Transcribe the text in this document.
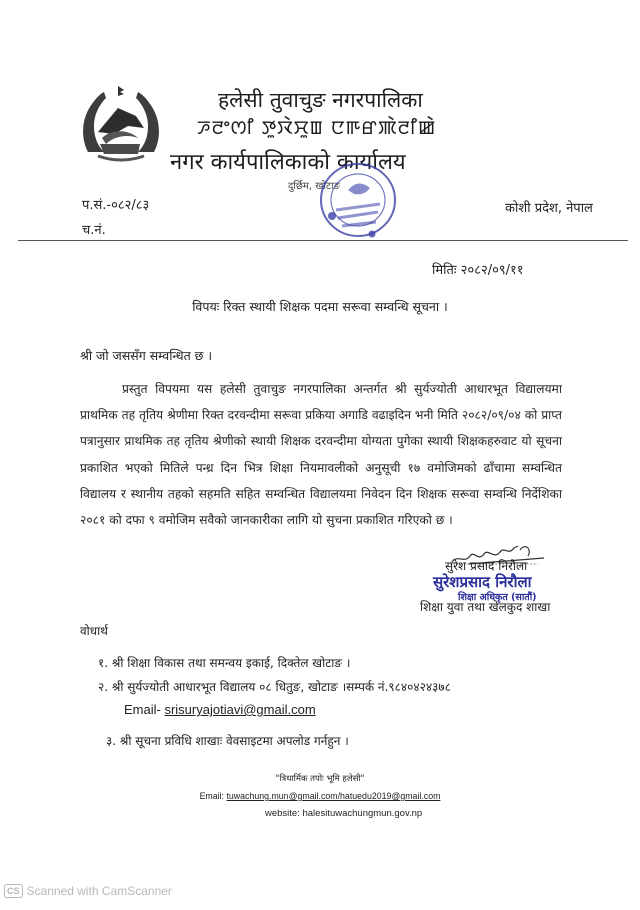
हलेसी तुवाचुङ नगरपालिका
ꯍꯂꯦꯁꯤ ꯇꯨꯋꯥꯆꯨꯡ ꯅꯒꯔꯄꯥꯂꯤꯀꯥ
नगर कार्यपालिकाको कार्यालय
दुर्छिम, खोटाङ
प.सं.-०८२/८३
च.नं.
कोशी प्रदेश, नेपाल
मितिः २०८२/०९/११
विपयः रिक्त स्थायी शिक्षक पदमा सरूवा सम्वन्धि सूचना ।
श्री जो जससँग सम्वन्धित छ ।
प्रस्तुत विपयमा यस हलेसी तुवाचुङ नगरपालिका अन्तर्गत श्री सुर्यज्योती आधारभूत विद्यालयमा प्राथमिक तह तृतिय श्रेणीमा रिक्त दरवन्दीमा सरूवा प्रकिया अगाडि वढाइदिन भनी मिति २०८२/०९/०४ को प्राप्त पत्रानुसार प्राथमिक तह तृतिय श्रेणीको स्थायी शिक्षक दरवन्दीमा योग्यता पुगेका स्थायी शिक्षकहरुवाट यो सूचना प्रकाशित भएको मितिले पन्ध्र दिन भित्र शिक्षा नियमावलीको अनुसूची १७ वमोजिमको ढाँचामा सम्वन्धित विद्यालय र स्थानीय तहको सहमति सहित सम्वन्धित विद्यालयमा निवेदन दिन शिक्षक सरूवा सम्वन्धि निर्देशिका २०८१ को दफा ९ वमोजिम सवैको जानकारीका लागि यो सुचना प्रकाशित गरिएको छ ।
सुरेश प्रसाद निरौला
सुरेशप्रसाद निरौला
शिक्षा अधिकृत (सातौं)
शिक्षा युवा तथा खेलकुद शाखा
वोधार्थ
१. श्री शिक्षा विकास तथा समन्वय इकाई, दिक्तेल खोटाङ ।
२. श्री सुर्यज्योती आधारभूत विद्यालय ०८ धितुङ, खोटाङ ।सम्पर्क नं.९८४०४२४३७८
Email- srisuryajotiavi@gmail.com
३. श्री सूचना प्रविधि शाखाः वेवसाइटमा अपलोड गर्नहुन ।
"त्रिधार्मिक तपोः भूमि हलेसी"
Email: tuwachung.mun@gmail.com/hatuedu2019@gmail.com
website: halesituwachungmun.gov.np
CS Scanned with CamScanner
